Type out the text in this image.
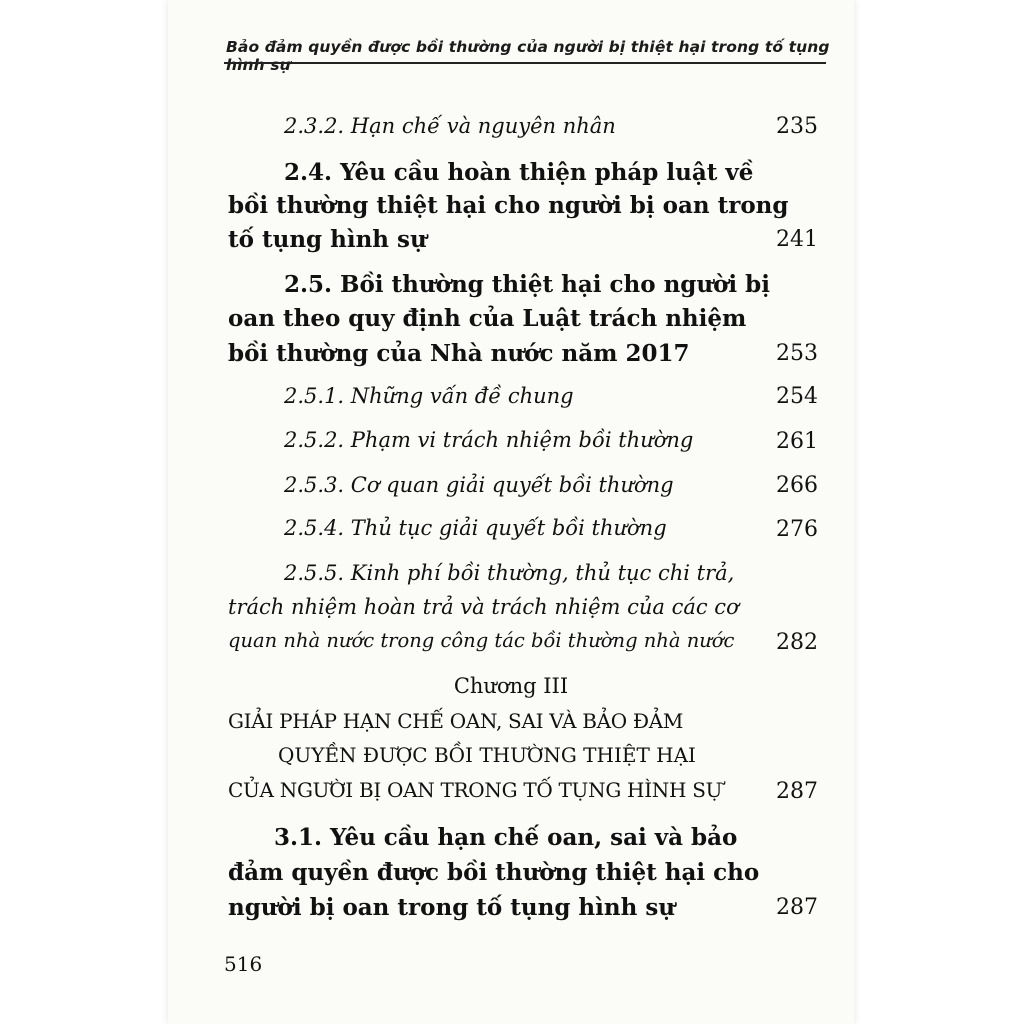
Bảo đảm quyền được bồi thường của người bị thiệt hại trong tố tụng hình sự
2.3.2. Hạn chế và nguyên nhân	235
2.4. Yêu cầu hoàn thiện pháp luật về
bồi thường thiệt hại cho người bị oan trong
tố tụng hình sự	241
2.5. Bồi thường thiệt hại cho người bị
oan theo quy định của Luật trách nhiệm
bồi thường của Nhà nước năm 2017	253
2.5.1. Những vấn đề chung	254
2.5.2. Phạm vi trách nhiệm bồi thường	261
2.5.3. Cơ quan giải quyết bồi thường	266
2.5.4. Thủ tục giải quyết bồi thường	276
2.5.5. Kinh phí bồi thường, thủ tục chi trả,
trách nhiệm hoàn trả và trách nhiệm của các cơ
quan nhà nước trong công tác bồi thường nhà nước 282
Chương III
GIẢI PHÁP HẠN CHẾ OAN, SAI VÀ BẢO ĐẢM
QUYỀN ĐƯỢC BỒI THƯỜNG THIỆT HẠI
CỦA NGƯỜI BỊ OAN TRONG TỐ TỤNG HÌNH SỰ 287
3.1. Yêu cầu hạn chế oan, sai và bảo
đảm quyền được bồi thường thiệt hại cho
người bị oan trong tố tụng hình sự	287
516
